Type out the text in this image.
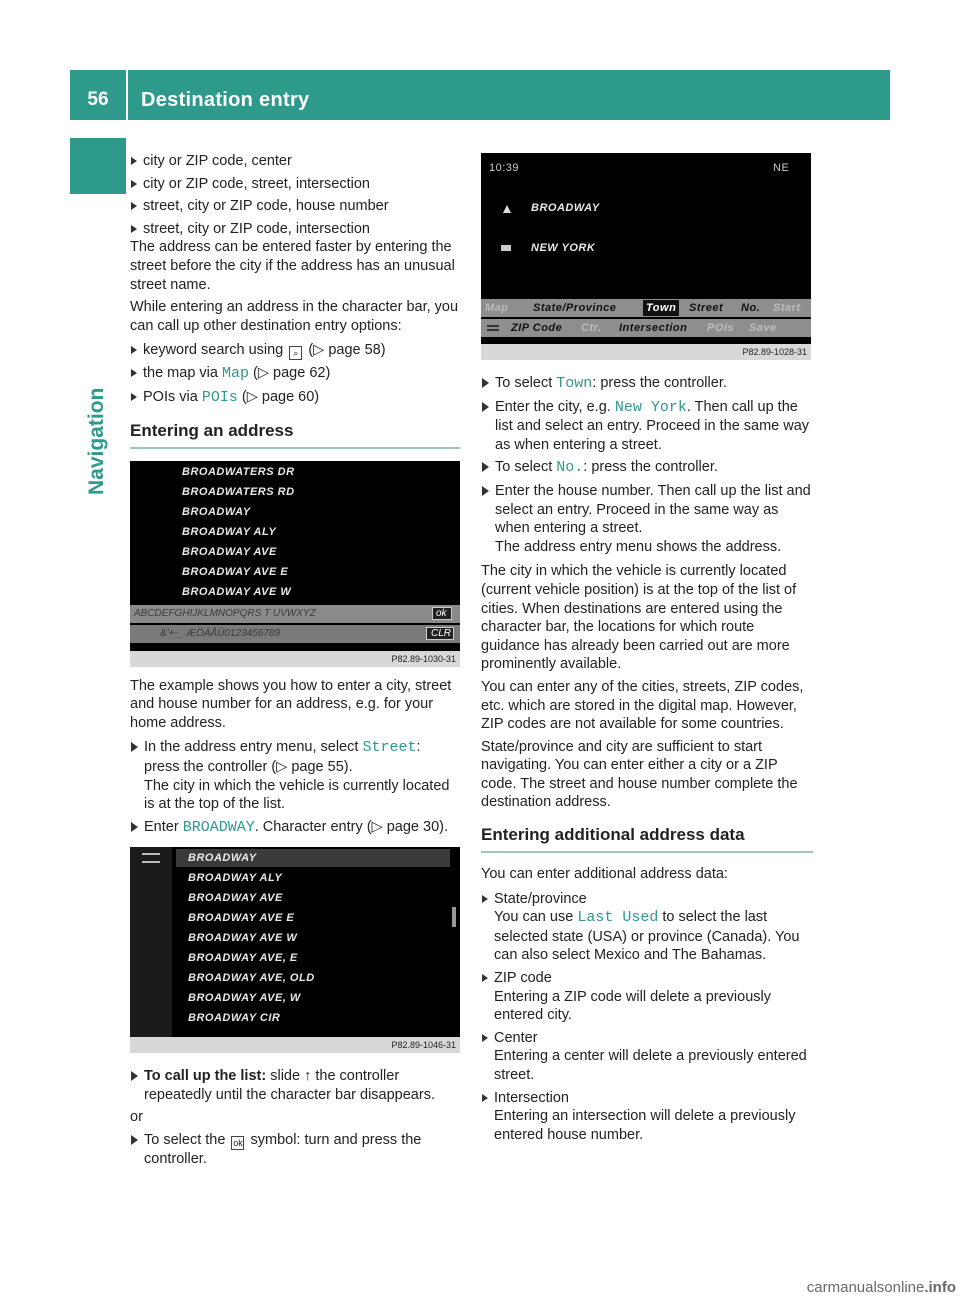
56	Destination entry
Navigation
city or ZIP code, center
city or ZIP code, street, intersection
street, city or ZIP code, house number
street, city or ZIP code, intersection

The address can be entered faster by entering the street before the city if the address has an unusual street name.

While entering an address in the character bar, you can call up other destination entry options:

keyword search using ⌕ (▷ page 58)
the map via Map (▷ page 62)
POIs via POIs (▷ page 60)
Entering an address
BROADWATERS DR
BROADWATERS RD
BROADWAY
BROADWAY ALY
BROADWAY AVE
BROADWAY AVE E
BROADWAY AVE W
ABCDEFGHIJKLMNOPQRS T UVWXYZ	ok
&'+-_ ÆÖÄÅÜ0123456789	CLR
P82.89-1030-31

The example shows you how to enter a city, street and house number for an address, e.g. for your home address.

In the address entry menu, select Street:
press the controller (▷ page 55).
The city in which the vehicle is currently located is at the top of the list.
Enter BROADWAY. Character entry (▷ page 30).
BROADWAY
BROADWAY ALY
BROADWAY AVE
BROADWAY AVE E
BROADWAY AVE W
BROADWAY AVE, E
BROADWAY AVE, OLD
BROADWAY AVE, W
BROADWAY CIR
P82.89-1046-31
To call up the list: slide ↑ the controller repeatedly until the character bar disappears.

or

To select the ok symbol: turn and press the controller.
10:39	NE
BROADWAY
NEW YORK
Map State/Province	Town Street No. Start
ZIP Code Ctr. Intersection POIs Save
P82.89-1028-31
To select Town: press the controller.
Enter the city, e.g. New York. Then call up the list and select an entry. Proceed in the same way as when entering a street.
To select No.: press the controller.
Enter the house number. Then call up the list and select an entry. Proceed in the same way as when entering a street.
The address entry menu shows the address.

The city in which the vehicle is currently located (current vehicle position) is at the top of the list of cities. When destinations are entered using the character bar, the locations for which route guidance has already been carried out are more prominently available.

You can enter any of the cities, streets, ZIP codes, etc. which are stored in the digital map. However, ZIP codes are not available for some countries.

State/province and city are sufficient to start navigating. You can enter either a city or a ZIP code. The street and house number complete the destination address.

Entering additional address data

You can enter additional address data:

State/province
You can use Last Used to select the last selected state (USA) or province (Canada). You can also select Mexico and The Bahamas.
ZIP code
Entering a ZIP code will delete a previously entered city.
Center
Entering a center will delete a previously entered street.
Intersection
Entering an intersection will delete a previously entered house number.
carmanualsonline.info
